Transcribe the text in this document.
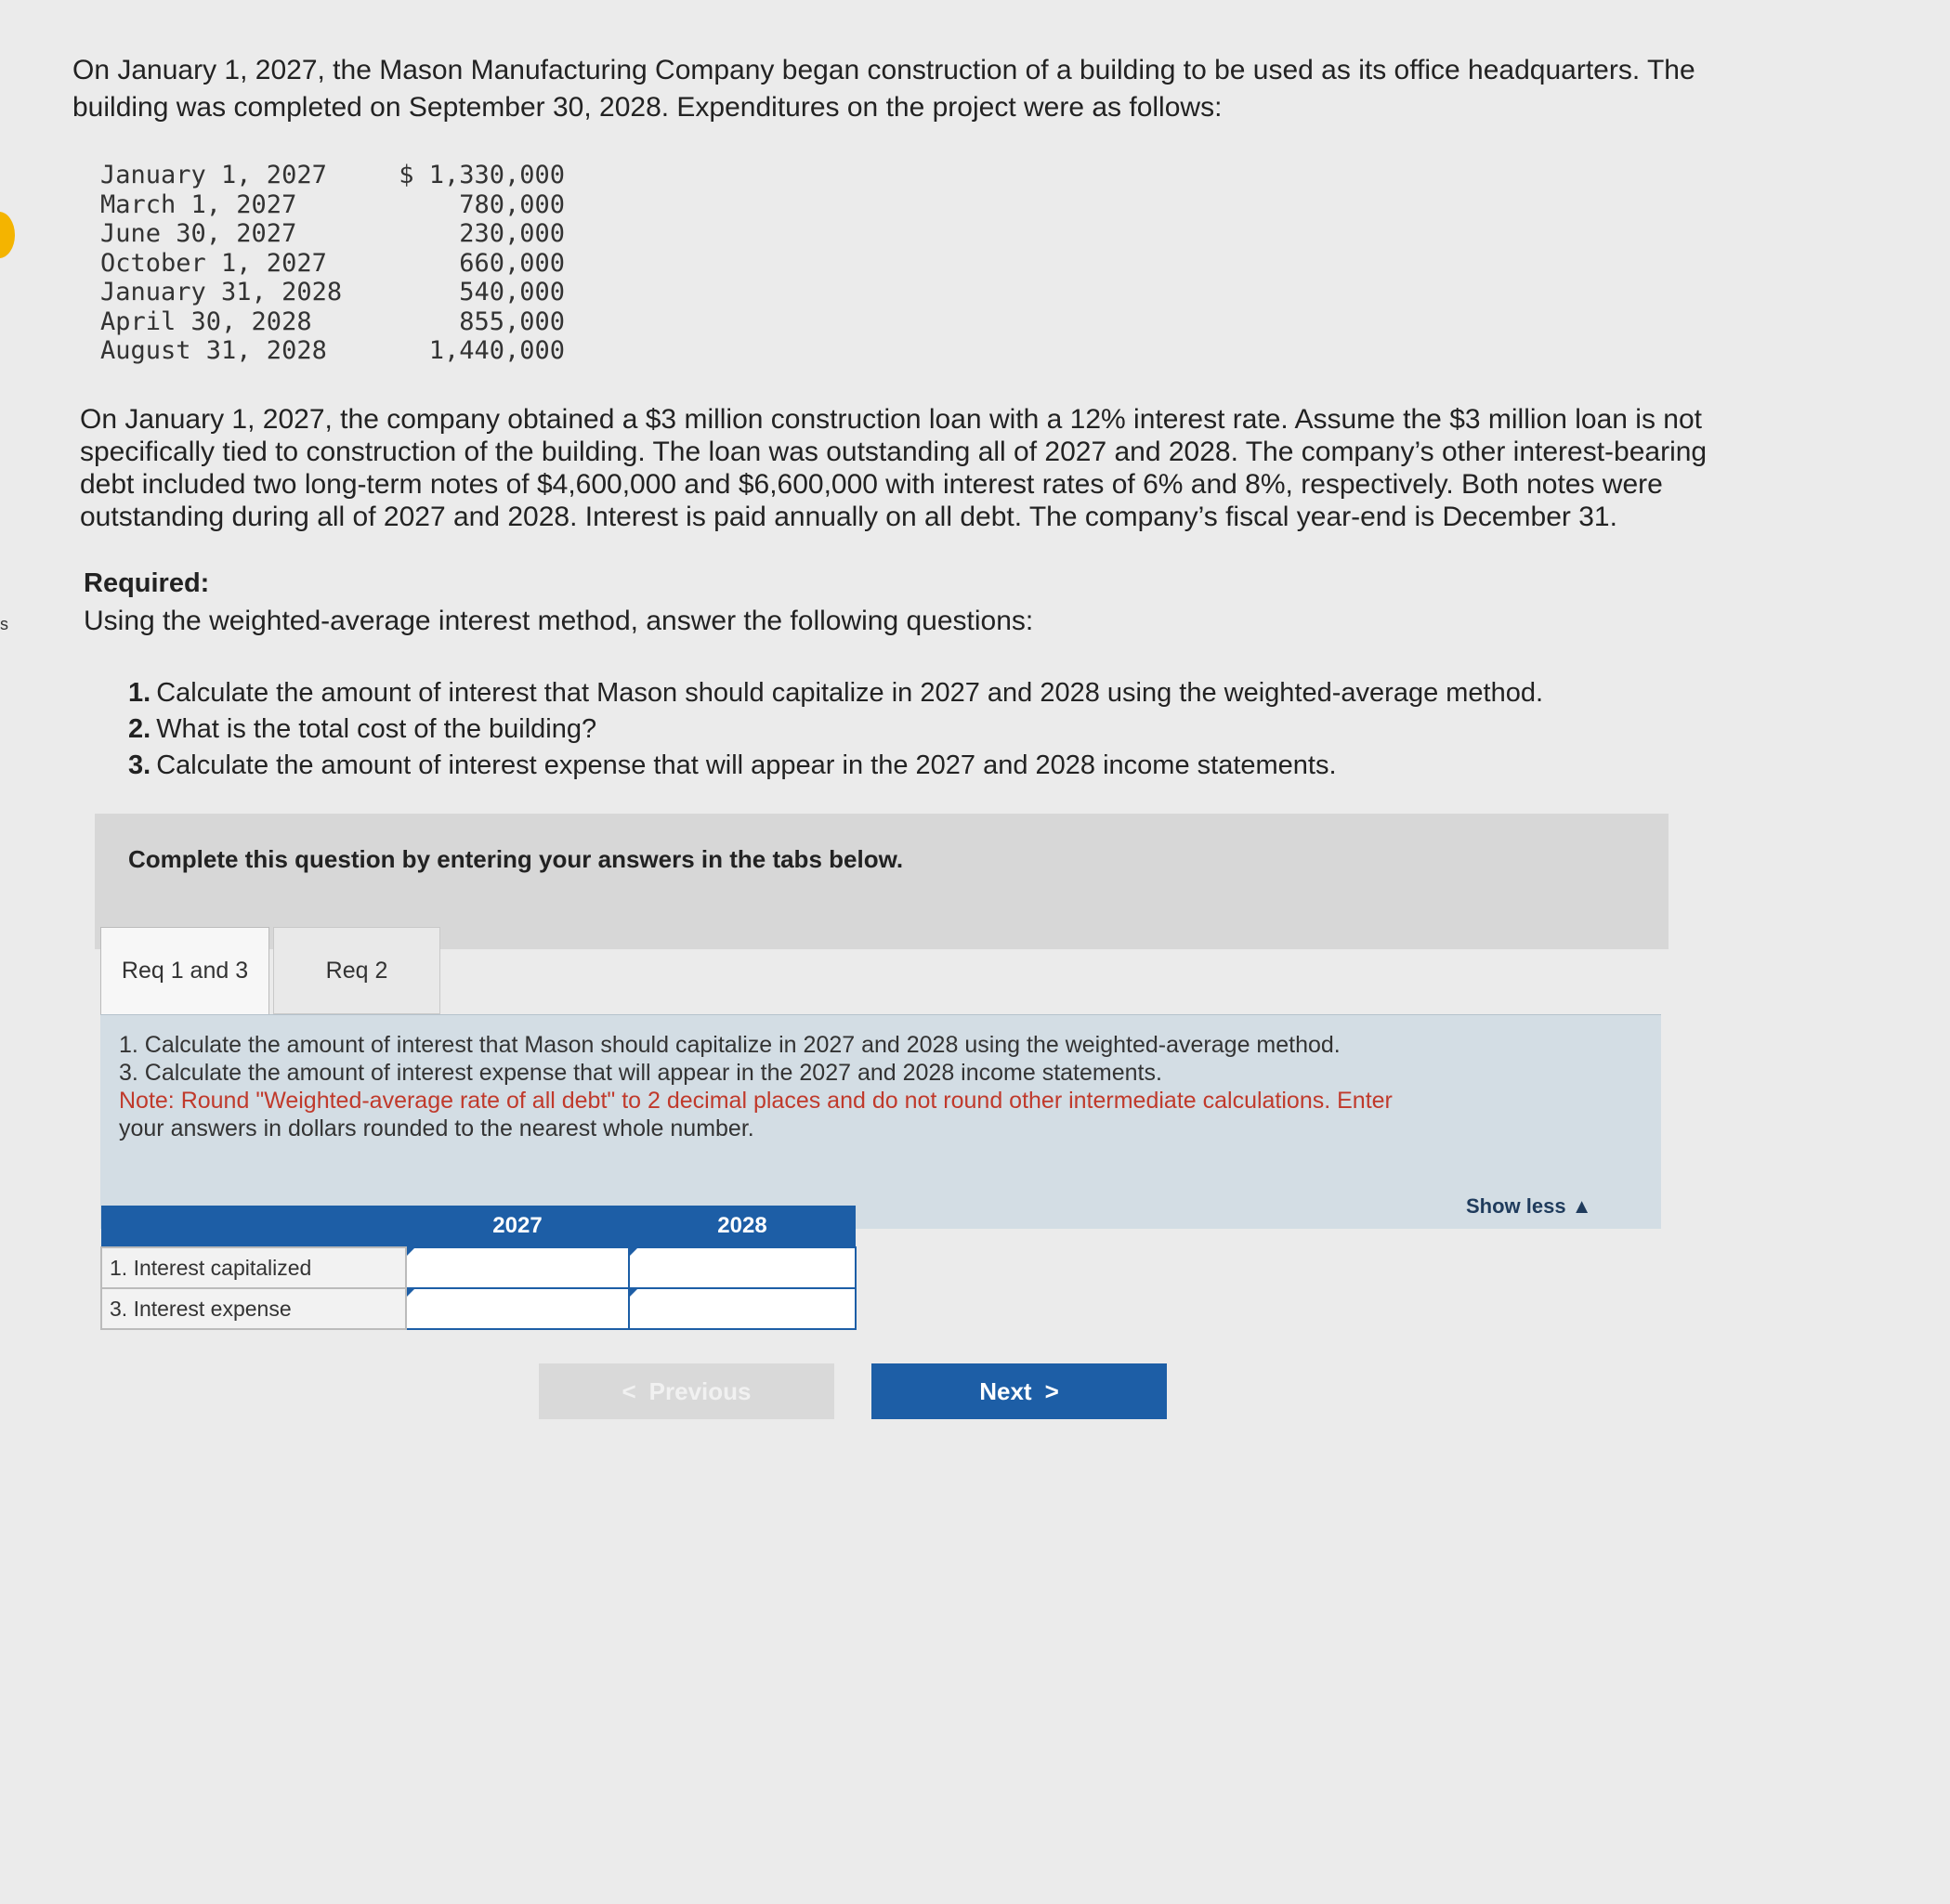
s
On January 1, 2027, the Mason Manufacturing Company began construction of a building to be used as its office headquarters. The
building was completed on September 30, 2028. Expenditures on the project were as follows:
January 1, 2027	$ 1,330,000
March 1, 2027	780,000
June 30, 2027	230,000
October 1, 2027	660,000
January 31, 2028	540,000
April 30, 2028	855,000
August 31, 2028	1,440,000
On January 1, 2027, the company obtained a $3 million construction loan with a 12% interest rate. Assume the $3 million loan is not
specifically tied to construction of the building. The loan was outstanding all of 2027 and 2028. The company’s other interest-bearing
debt included two long-term notes of $4,600,000 and $6,600,000 with interest rates of 6% and 8%, respectively. Both notes were
outstanding during all of 2027 and 2028. Interest is paid annually on all debt. The company’s fiscal year-end is December 31.
Required:
Using the weighted-average interest method, answer the following questions:
1. Calculate the amount of interest that Mason should capitalize in 2027 and 2028 using the weighted-average method.
2. What is the total cost of the building?
3. Calculate the amount of interest expense that will appear in the 2027 and 2028 income statements.
Complete this question by entering your answers in the tabs below.
Req 1 and 3	Req 2
1. Calculate the amount of interest that Mason should capitalize in 2027 and 2028 using the weighted-average method.
3. Calculate the amount of interest expense that will appear in the 2027 and 2028 income statements.
Note: Round "Weighted-average rate of all debt" to 2 decimal places and do not round other intermediate calculations. Enter
your answers in dollars rounded to the nearest whole number.
Show less ▲
	2027	2028
1. Interest capitalized		
3. Interest expense		
< Previous	Next >
